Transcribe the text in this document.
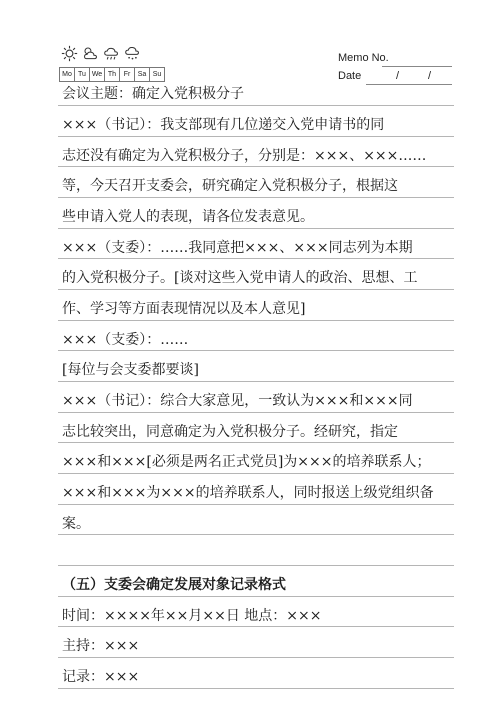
Mo Tu We Th	Fr	Sa Su
Memo No.
Date	/	/
会议主题：确定入党积极分子
×××（书记）：我支部现有几位递交入党申请书的同
志还没有确定为入党积极分子，分别是：×××、×××……
等，今天召开支委会，研究确定入党积极分子，根据这
些申请入党人的表现，请各位发表意见。
×××（支委）：……我同意把×××、×××同志列为本期
的入党积极分子。[谈对这些入党申请人的政治、思想、工
作、学习等方面表现情况以及本人意见]
×××（支委）：……
[每位与会支委都要谈]
×××（书记）：综合大家意见，一致认为×××和×××同
志比较突出，同意确定为入党积极分子。经研究，指定
×××和×××[必须是两名正式党员]为×××的培养联系人；
×××和×××为×××的培养联系人，同时报送上级党组织备
案。
（五）支委会确定发展对象记录格式
时间：××××年××月××日 地点：×××
主持：×××
记录：×××
